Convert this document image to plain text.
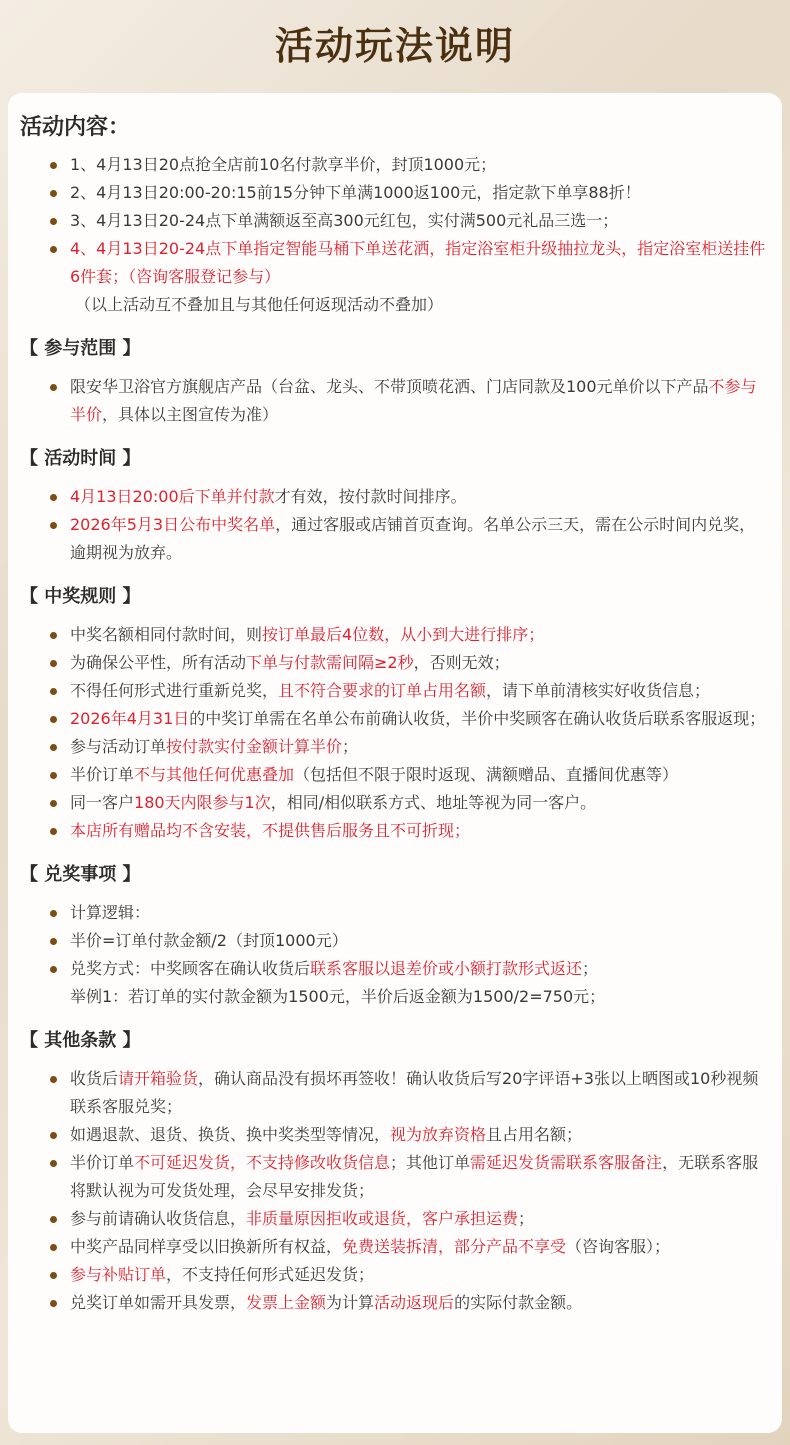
活动玩法说明
活动内容：
1、4月13日20点抢全店前10名付款享半价，封顶1000元；
2、4月13日20:00-20:15前15分钟下单满1000返100元，指定款下单享88折！
3、4月13日20-24点下单满额返至高300元红包，实付满500元礼品三选一；
4、4月13日20-24点下单指定智能马桶下单送花洒，指定浴室柜升级抽拉龙头，指定浴室柜送挂件6件套；（咨询客服登记参与）
（以上活动互不叠加且与其他任何返现活动不叠加）
【 参与范围 】
限安华卫浴官方旗舰店产品（台盆、龙头、不带顶喷花洒、门店同款及100元单价以下产品不参与半价，具体以主图宣传为准）
【 活动时间 】
4月13日20:00后下单并付款才有效，按付款时间排序。
2026年5月3日公布中奖名单，通过客服或店铺首页查询。名单公示三天，需在公示时间内兑奖，逾期视为放弃。
【 中奖规则 】
中奖名额相同付款时间，则按订单最后4位数，从小到大进行排序；
为确保公平性，所有活动下单与付款需间隔≥2秒，否则无效；
不得任何形式进行重新兑奖，且不符合要求的订单占用名额，请下单前清核实好收货信息；
2026年4月31日的中奖订单需在名单公布前确认收货，半价中奖顾客在确认收货后联系客服返现；
参与活动订单按付款实付金额计算半价；
半价订单不与其他任何优惠叠加（包括但不限于限时返现、满额赠品、直播间优惠等）
同一客户180天内限参与1次，相同/相似联系方式、地址等视为同一客户。
本店所有赠品均不含安装，不提供售后服务且不可折现；
【 兑奖事项 】
计算逻辑：
半价=订单付款金额/2（封顶1000元）
兑奖方式：中奖顾客在确认收货后联系客服以退差价或小额打款形式返还；
举例1：若订单的实付款金额为1500元，半价后返金额为1500/2=750元；
【 其他条款 】
收货后请开箱验货，确认商品没有损坏再签收！确认收货后写20字评语+3张以上晒图或10秒视频联系客服兑奖；
如遇退款、退货、换货、换中奖类型等情况，视为放弃资格且占用名额；
半价订单不可延迟发货，不支持修改收货信息；其他订单需延迟发货需联系客服备注，无联系客服将默认视为可发货处理，会尽早安排发货；
参与前请确认收货信息，非质量原因拒收或退货，客户承担运费；
中奖产品同样享受以旧换新所有权益，免费送装拆清，部分产品不享受（咨询客服）；
参与补贴订单，不支持任何形式延迟发货；
兑奖订单如需开具发票，发票上金额为计算活动返现后的实际付款金额。
